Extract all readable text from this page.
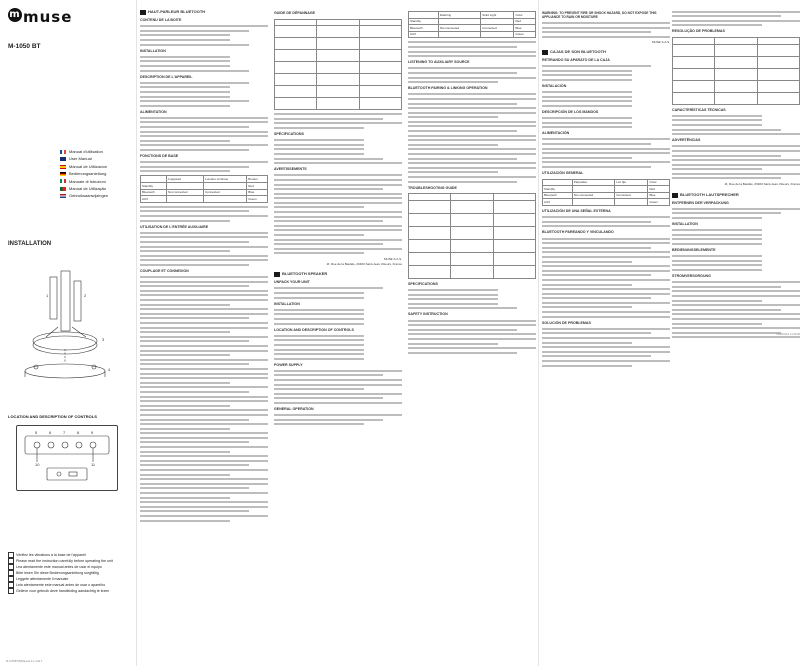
m muse
M-1050 BT
Manual d'utilisation
User Manual
Manual de Utilizacion
Bedienungsanleitung
Manuale di Istruzioni
Manual de Utilização
Gebruiksaanwijzingen
INSTALLATION
1	2
3
4
LOCATION AND DESCRIPTION OF CONTROLS
5	6	7	8	9
10	11
Vérifiez les vibrations à la base de l'appareil
Please read the instruction carefully before operating the unit
Lea atentamente este manual antes de usar el equipo
Bitte lesen Sie diese Bedienungsanleitung sorgfältig
Leggete attentamente il manuale
Leia atentamente este manual antes de usar o aparelho
Gelieve voor gebruik deze handleiding aandachtig te lezen
M-1050BT(B)Manual 4-1.indd 1
HAUT-PARLEUR BLUETOOTH
CONTENU DE LA BOITE
INSTALLATION
DESCRIPTION DE L'APPAREIL
ALIMENTATION
FONCTIONS DE BASE
	L'appareil	Lumière continue	Bouton
Standby			Red
Bluetooth	Not connected	Connected	Blue
AUX			Green
UTILISATION DE L'ENTRÉE AUXILIAIRE
COUPLAGE ET CONNEXION
GUIDE DE DÉPANNAGE

SPÉCIFICATIONS
AVERTISSEMENTS
MUSE S.A.S.
ZI, Rue de la Bastide, 26400 Saint-Jean d'Heurs, France
BLUETOOTH SPEAKER
UNPACK YOUR UNIT
INSTALLATION
LOCATION AND DESCRIPTION OF CONTROLS
POWER SUPPLY
GENERAL OPERATION
	Flashing	Solid Light	Color
Standby			Red
Bluetooth	Not connected	Connected	Blue
AUX			Green
LISTENING TO AUXILIARY SOURCE
BLUETOOTH PAIRING & LINKING OPERATION
TROUBLESHOOTING GUIDE

SPECIFICATIONS
SAFETY INSTRUCTION
WARNING: TO PREVENT FIRE OR SHOCK HAZARD, DO NOT EXPOSE THIS APPLIANCE TO RAIN OR MOISTURE
MUSE S.A.S.
CAJAS DE SON BLUETOOTH
RETIRANDO SU APARATO DE LA CAJA
INSTALACIÓN
DESCRIPCIÓN DE LOS MANDOS
ALIMENTACIÓN
UTILIZACIÓN GENERAL
	Parpadea	Luz fija	Color
Standby			Red
Bluetooth	Not connected	Connected	Blue
AUX			Green
UTILIZACIÓN DE UNA SEÑAL EXTERNA
BLUETOOTH PAREANDO Y VINCULANDO
SOLUCIÓN DE PROBLEMAS
RESOLUÇÃO DE PROBLEMAS

CARACTERÍSTICAS TÉCNICAS
ADVERTÊNCIAS
ZI, Rue de la Bastide, 26400 Saint-Jean d'Heurs, France
BLUETOOTH LAUTSPRECHER
ENTFERNEN DER VERPACKUNG
INSTALLATION
BEDIENUNGSELEMENTE
STROMVERSORGUNG
12/08/2022 14:49:28
